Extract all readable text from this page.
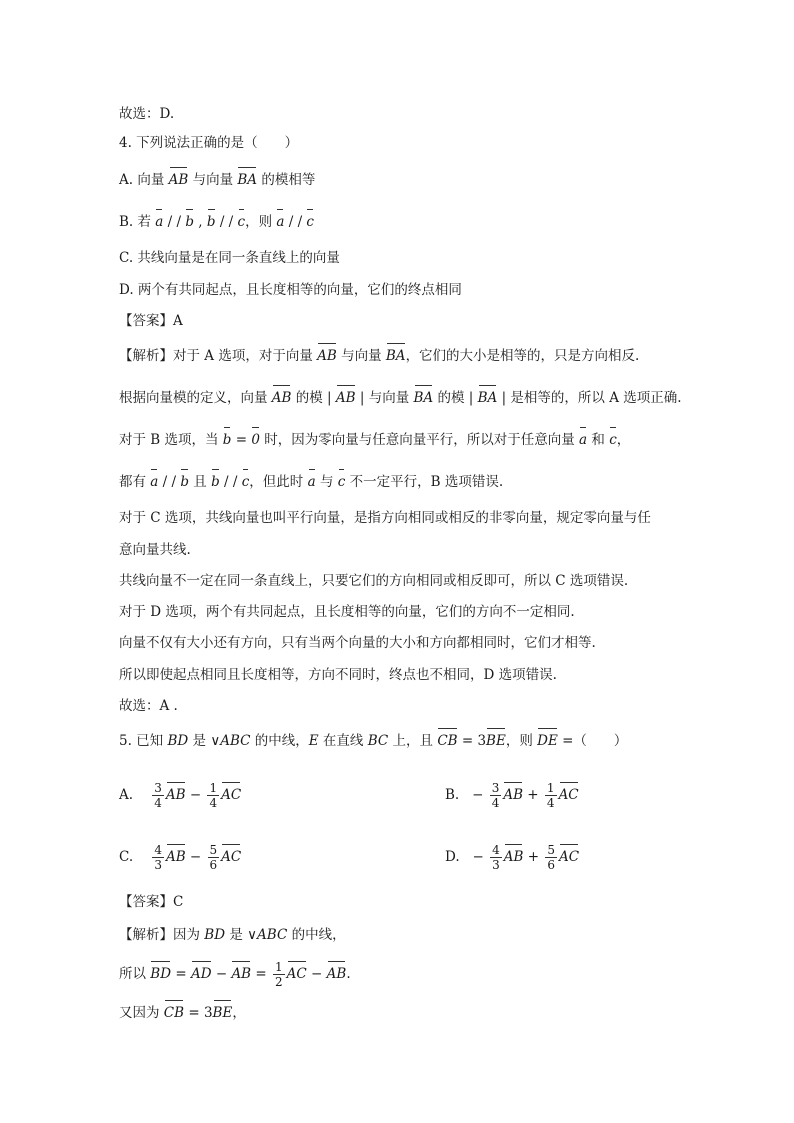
故选：D.
4. 下列说法正确的是（　　）
A. 向量 AB 与向量 BA 的模相等
B. 若 a / / b , b / / c，则 a / / c
C. 共线向量是在同一条直线上的向量
D. 两个有共同起点，且长度相等的向量，它们的终点相同
【答案】A
【解析】对于 A 选项，对于向量 AB 与向量 BA，它们的大小是相等的，只是方向相反.
根据向量模的定义，向量 AB 的模 | AB | 与向量 BA 的模 | BA | 是相等的，所以 A 选项正确.
对于 B 选项，当 b = 0 时，因为零向量与任意向量平行，所以对于任意向量 a 和 c，
都有 a / / b 且 b / / c，但此时 a 与 c 不一定平行，B 选项错误.
对于 C 选项，共线向量也叫平行向量，是指方向相同或相反的非零向量，规定零向量与任
意向量共线.
共线向量不一定在同一条直线上，只要它们的方向相同或相反即可，所以 C 选项错误.
对于 D 选项，两个有共同起点，且长度相等的向量，它们的方向不一定相同.
向量不仅有大小还有方向，只有当两个向量的大小和方向都相同时，它们才相等.
所以即使起点相同且长度相等，方向不同时，终点也不相同，D 选项错误.
故选：A .
5. 已知 BD 是 ∨ABC 的中线，E 在直线 BC 上，且 CB = 3BE，则 DE =（　　）
A. $\frac{3}{4}$ AB − $\frac{1}{4}$ AC	B. − $\frac{3}{4}$ AB + $\frac{1}{4}$ AC
C. $\frac{4}{3}$ AB − $\frac{5}{6}$ AC	D. − $\frac{4}{3}$ AB + $\frac{5}{6}$ AC
【答案】C
【解析】因为 BD 是 ∨ABC 的中线，
所以 BD = AD − AB = $\frac{1}{2}$ AC − AB.
又因为 CB = 3BE，
